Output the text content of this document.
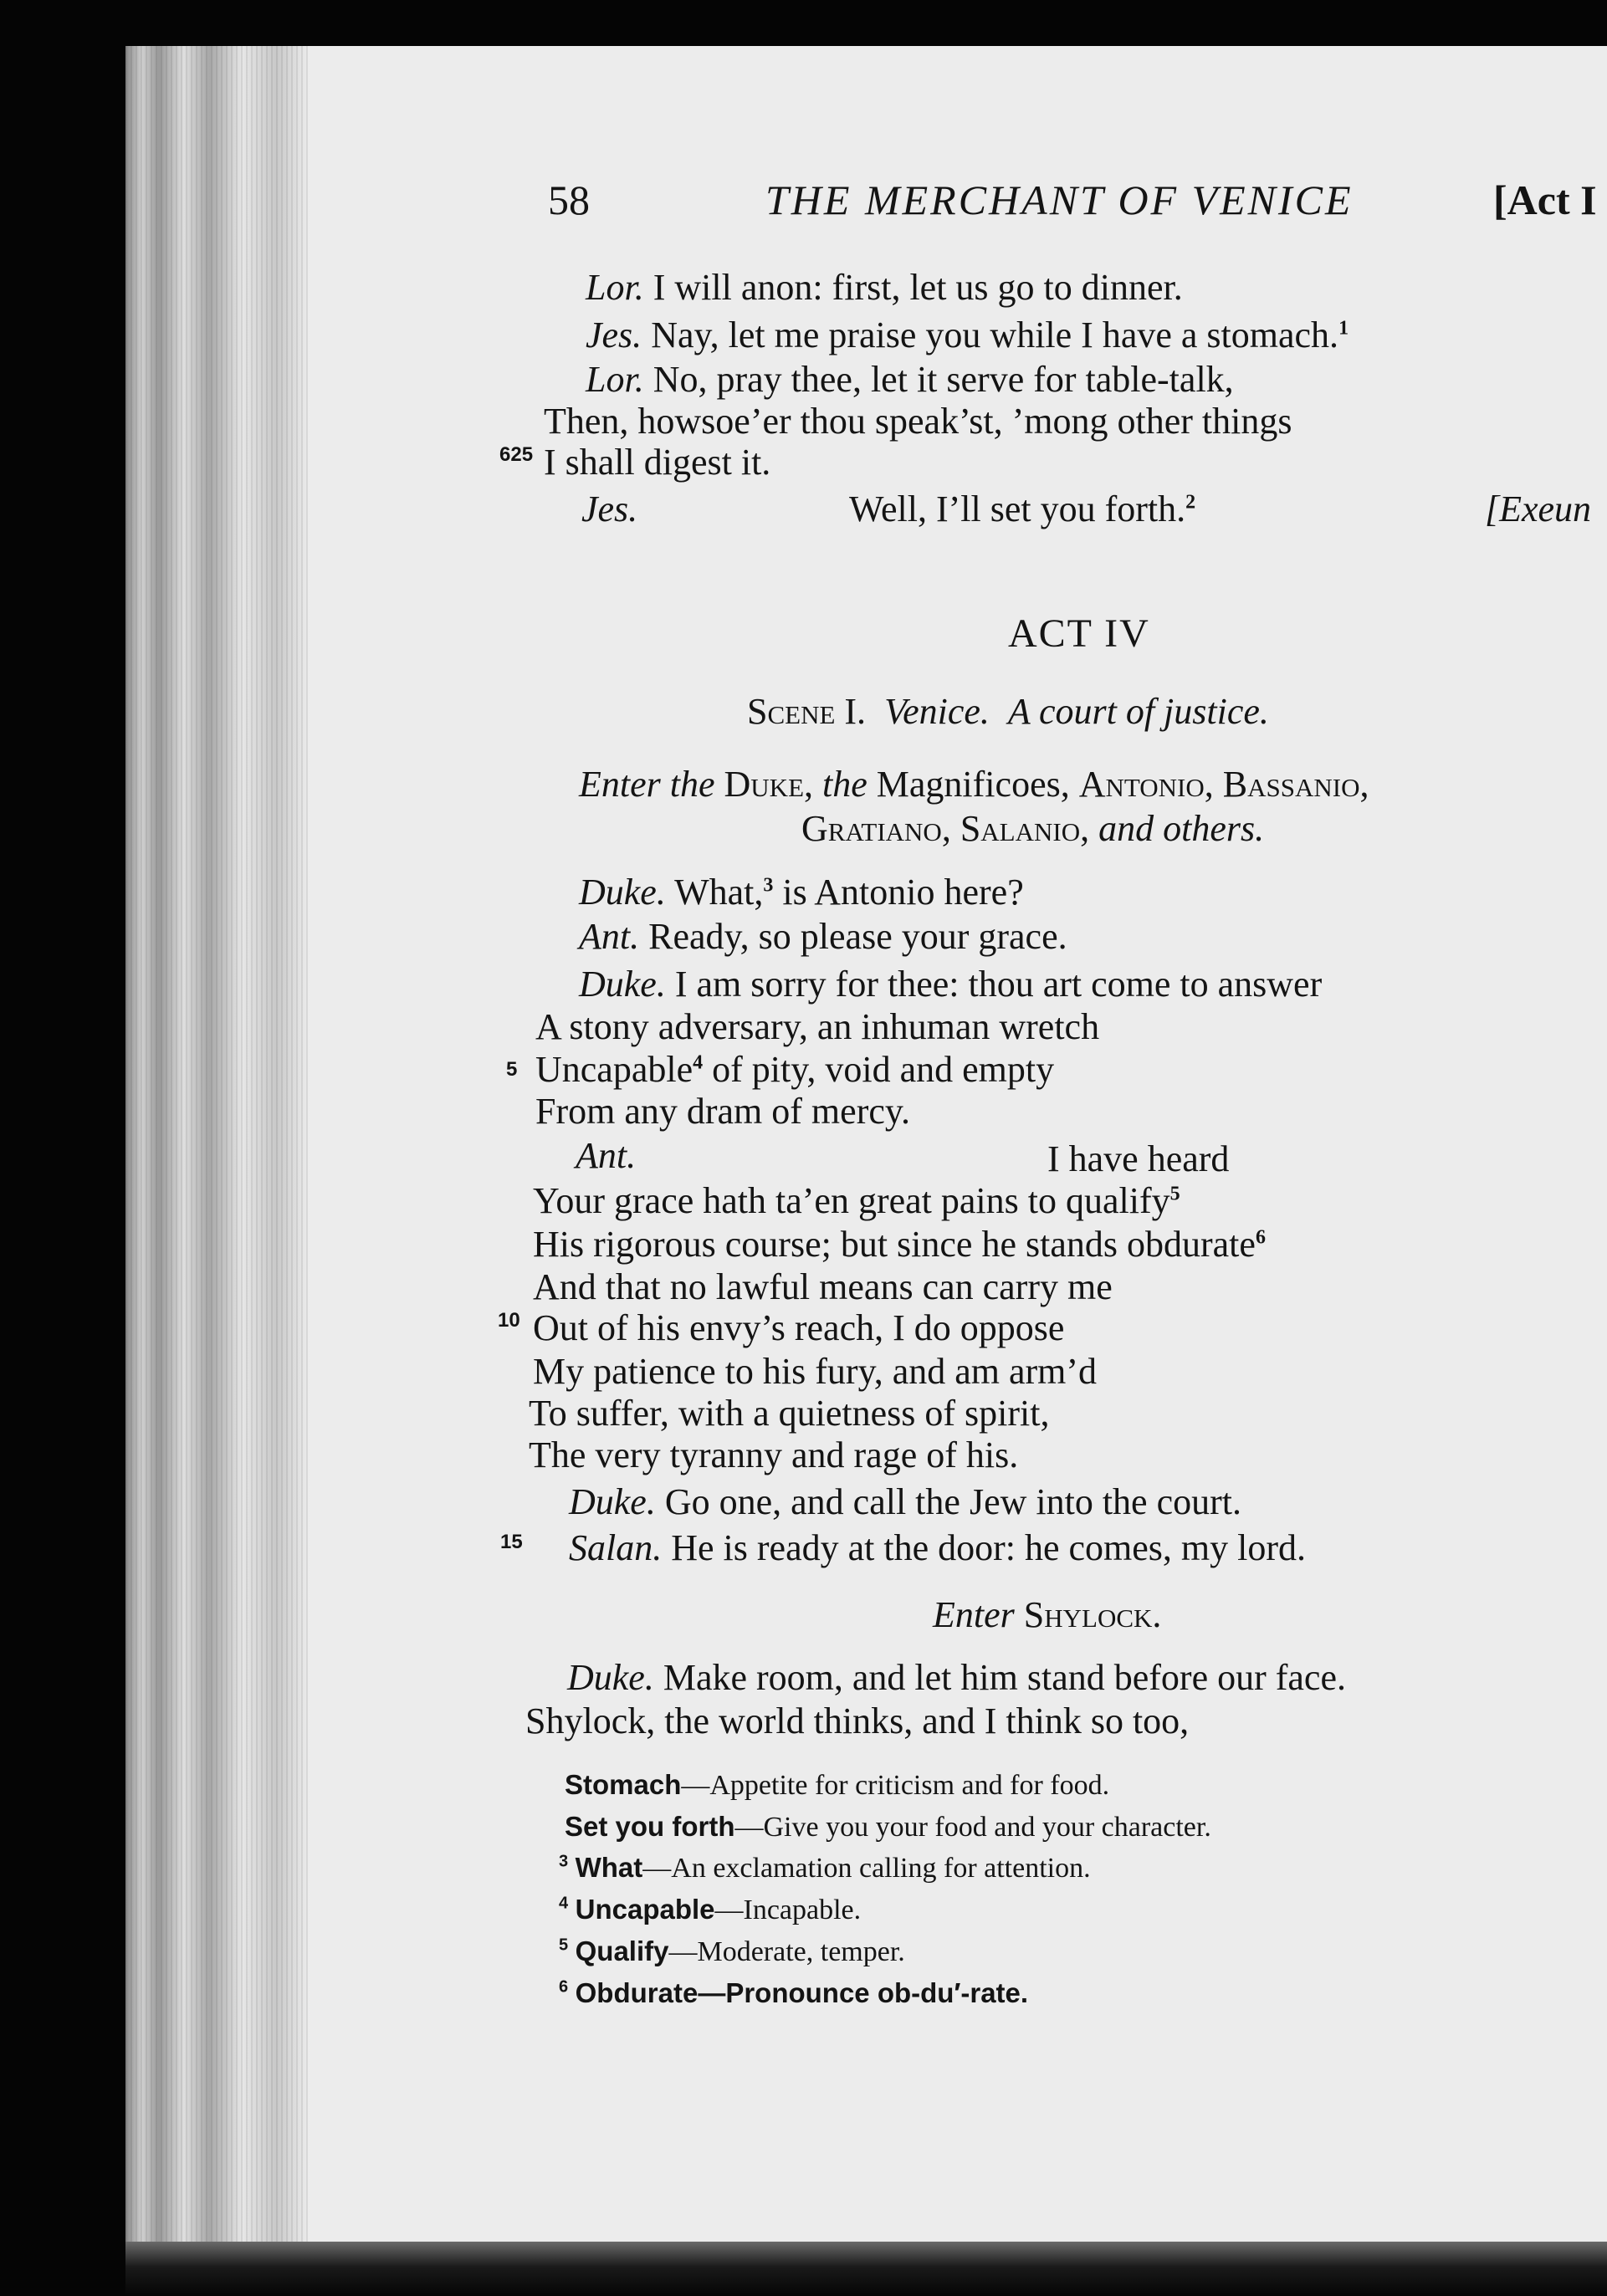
58	THE MERCHANT OF VENICE	[Act I
Lor. I will anon: first, let us go to dinner.
Jes. Nay, let me praise you while I have a stomach.$^1$
Lor. No, pray thee, let it serve for table-talk,
Then, howsoe’er thou speak’st, ’mong other things
625 I shall digest it.
Jes.	Well, I’ll set you forth.$^2$	[Exeun
ACT IV
Scene I. Venice. A court of justice.
Enter the Duke, the Magnificoes, Antonio, Bassanio,
Gratiano, Salanio, and others.
Duke. What,$^3$ is Antonio here?
Ant. Ready, so please your grace.
Duke. I am sorry for thee: thou art come to answer
A stony adversary, an inhuman wretch
5 Uncapable$^4$ of pity, void and empty
From any dram of mercy.
Ant.	I have heard
Your grace hath ta’en great pains to qualify$^5$
His rigorous course; but since he stands obdurate$^6$
And that no lawful means can carry me
10 Out of his envy’s reach, I do oppose
My patience to his fury, and am arm’d
To suffer, with a quietness of spirit,
The very tyranny and rage of his.
Duke. Go one, and call the Jew into the court.
15 Salan. He is ready at the door: he comes, my lord.
Enter Shylock.
Duke. Make room, and let him stand before our face.
Shylock, the world thinks, and I think so too,
Stomach—Appetite for criticism and for food.
Set you forth—Give you your food and your character.
$^3$ What—An exclamation calling for attention.
$^4$ Uncapable—Incapable.
$^5$ Qualify—Moderate, temper.
$^6$ Obdurate—Pronounce ob-du′-rate.
